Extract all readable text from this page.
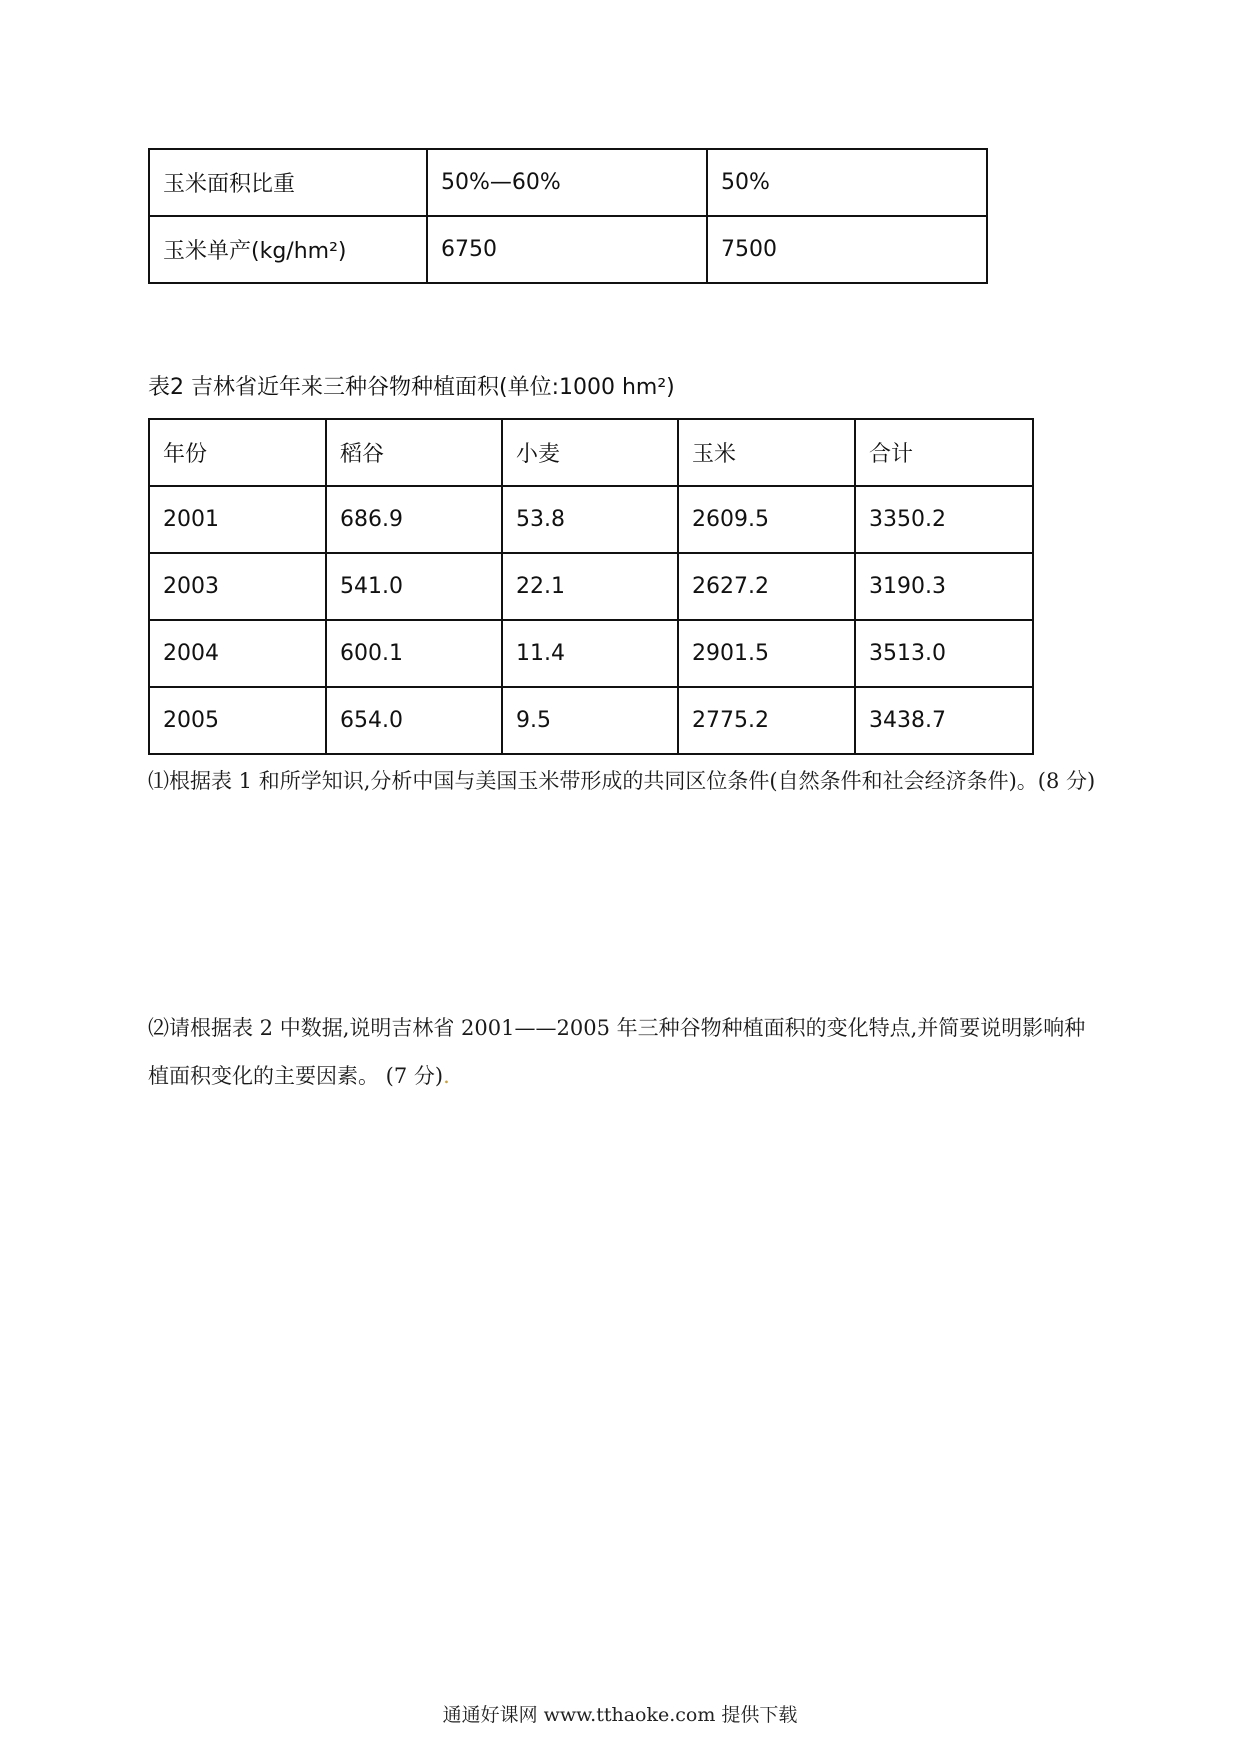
玉米面积比重	50%—60%	50%
玉米单产(kg/hm²)	6750	7500
表2 吉林省近年来三种谷物种植面积(单位:1000 hm²)
年份	稻谷	小麦	玉米	合计
2001	686.9	53.8	2609.5	3350.2
2003	541.0	22.1	2627.2	3190.3
2004	600.1	11.4	2901.5	3513.0
2005	654.0	9.5	2775.2	3438.7
⑴根据表 1 和所学知识,分析中国与美国玉米带形成的共同区位条件(自然条件和社会经济条件)。(8 分)
⑵请根据表 2 中数据,说明吉林省 2001——2005 年三种谷物种植面积的变化特点,并简要说明影响种植面积变化的主要因素。 (7 分).
通通好课网 www.tthaoke.com 提供下载
